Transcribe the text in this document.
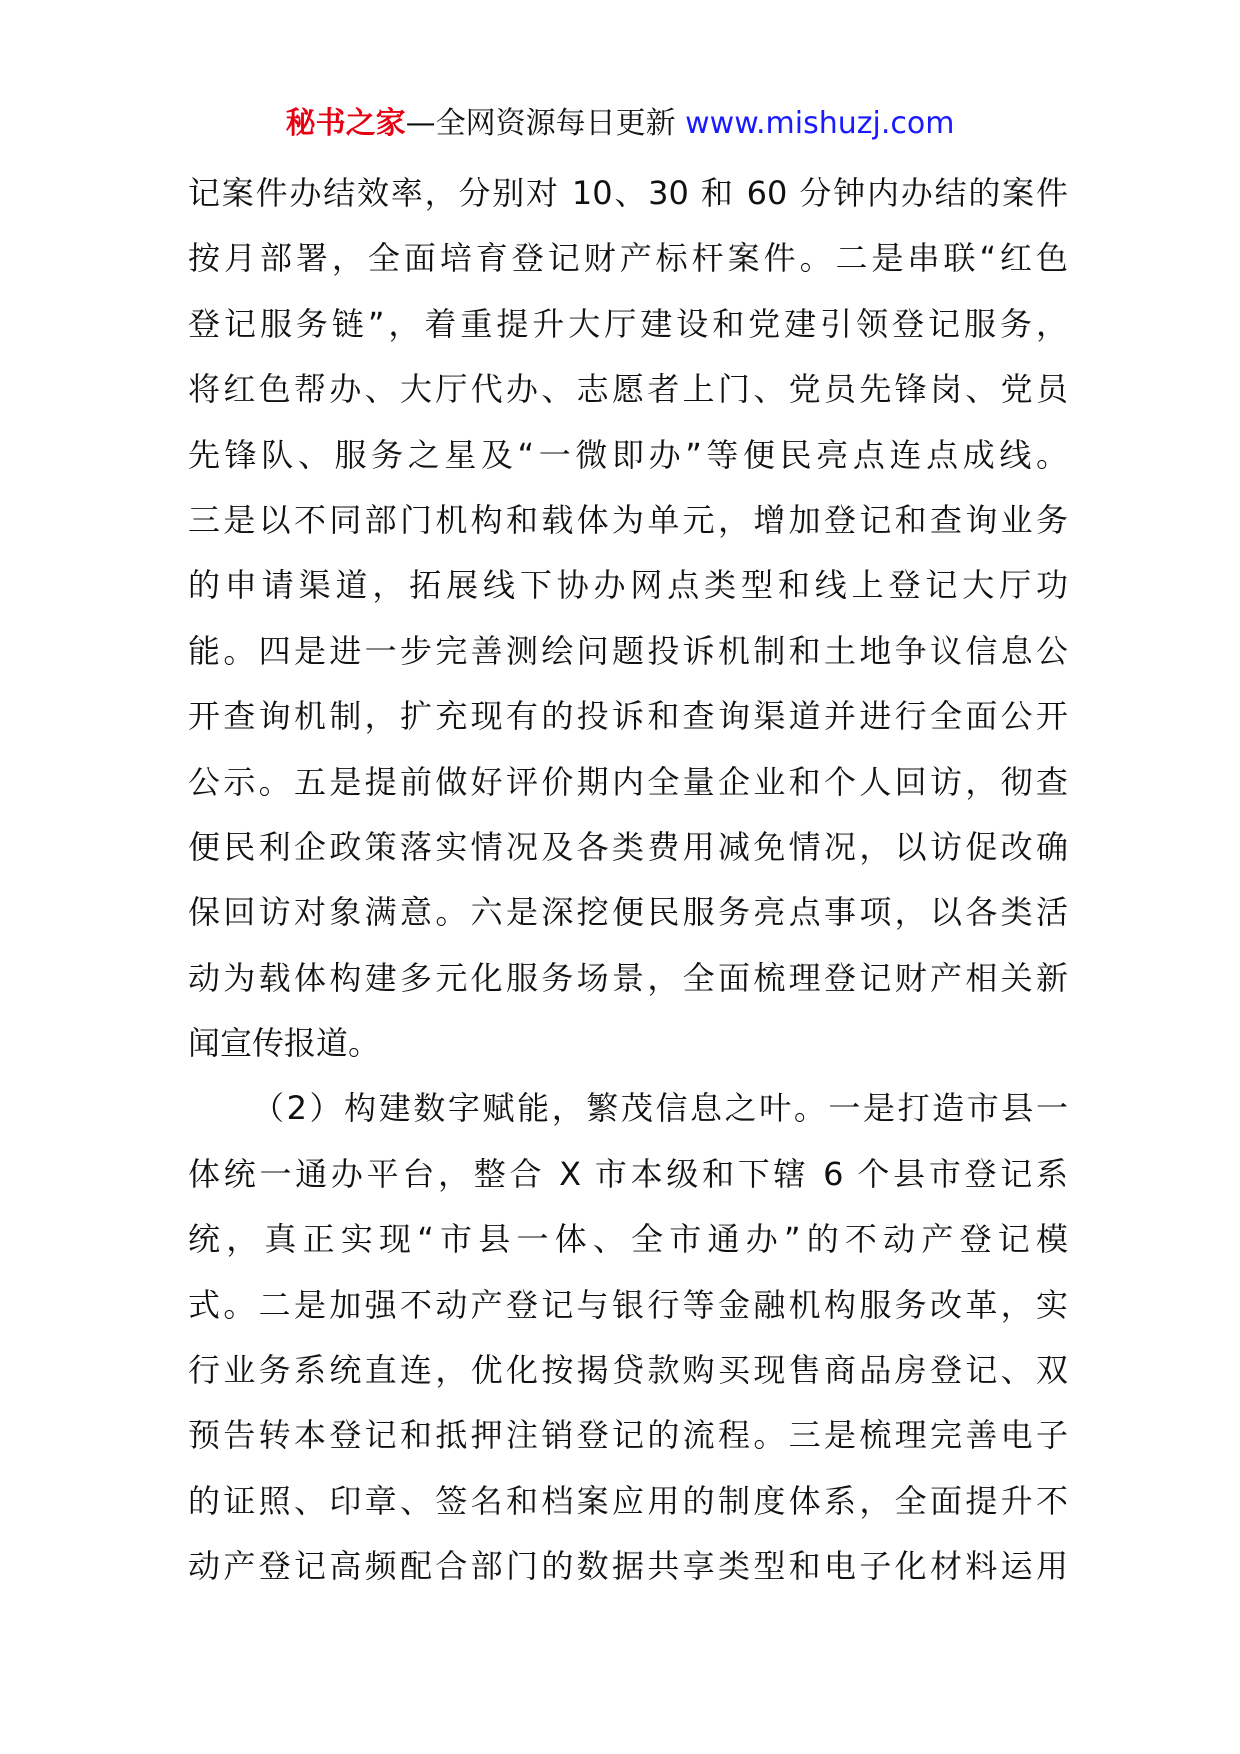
秘书之家—全网资源每日更新 www.mishuzj.com
记案件办结效率，分别对 10、30 和 60 分钟内办结的案件
按月部署，全面培育登记财产标杆案件。二是串联“红色
登记服务链”，着重提升大厅建设和党建引领登记服务，
将红色帮办、大厅代办、志愿者上门、党员先锋岗、党员
先锋队、服务之星及“一微即办”等便民亮点连点成线。
三是以不同部门机构和载体为单元，增加登记和查询业务
的申请渠道，拓展线下协办网点类型和线上登记大厅功
能。四是进一步完善测绘问题投诉机制和土地争议信息公
开查询机制，扩充现有的投诉和查询渠道并进行全面公开
公示。五是提前做好评价期内全量企业和个人回访，彻查
便民利企政策落实情况及各类费用减免情况，以访促改确
保回访对象满意。六是深挖便民服务亮点事项，以各类活
动为载体构建多元化服务场景，全面梳理登记财产相关新
闻宣传报道。
（2）构建数字赋能，繁茂信息之叶。一是打造市县一
体统一通办平台，整合 X 市本级和下辖 6 个县市登记系
统，真正实现“市县一体、全市通办”的不动产登记模
式。二是加强不动产登记与银行等金融机构服务改革，实
行业务系统直连，优化按揭贷款购买现售商品房登记、双
预告转本登记和抵押注销登记的流程。三是梳理完善电子
的证照、印章、签名和档案应用的制度体系，全面提升不
动产登记高频配合部门的数据共享类型和电子化材料运用
